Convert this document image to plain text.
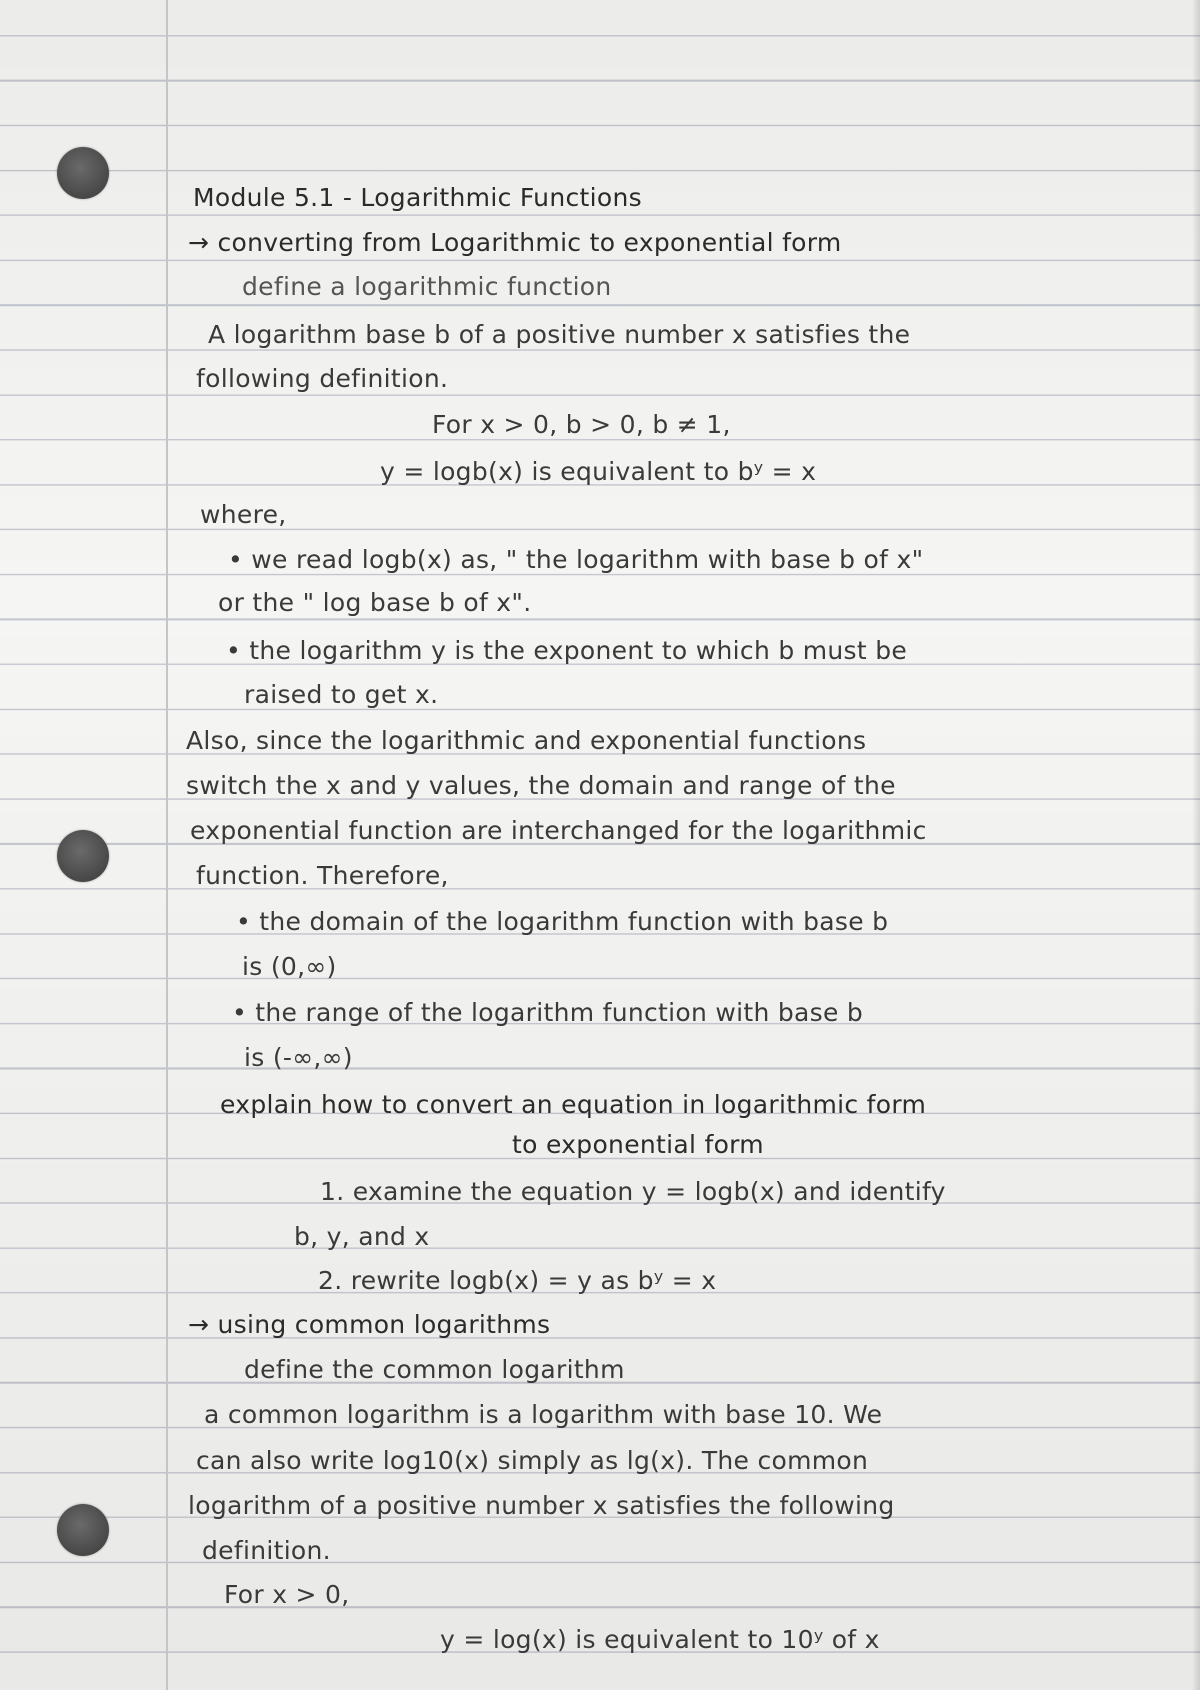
Module 5.1 - Logarithmic Functions

→ converting from Logarithmic to exponential form

define a logarithmic function

A logarithm base b of a positive number x satisfies the

following definition.

For x > 0, b > 0, b ≠ 1,

y = logb(x) is equivalent to bʸ = x

where,

• we read logb(x) as, " the logarithm with base b of x"

or the " log base b of x".

• the logarithm y is the exponent to which b must be

raised to get x.

Also, since the logarithmic and exponential functions

switch the x and y values, the domain and range of the

exponential function are interchanged for the logarithmic

function. Therefore,

• the domain of the logarithm function with base b

is (0,∞)

• the range of the logarithm function with base b

is (-∞,∞)

explain how to convert an equation in logarithmic form

to exponential form

1. examine the equation y = logb(x) and identify

b, y, and x

2. rewrite logb(x) = y as bʸ = x

→ using common logarithms

define the common logarithm

a common logarithm is a logarithm with base 10. We

can also write log10(x) simply as lg(x). The common

logarithm of a positive number x satisfies the following

definition.

For x > 0,

y = log(x) is equivalent to 10ʸ of x
